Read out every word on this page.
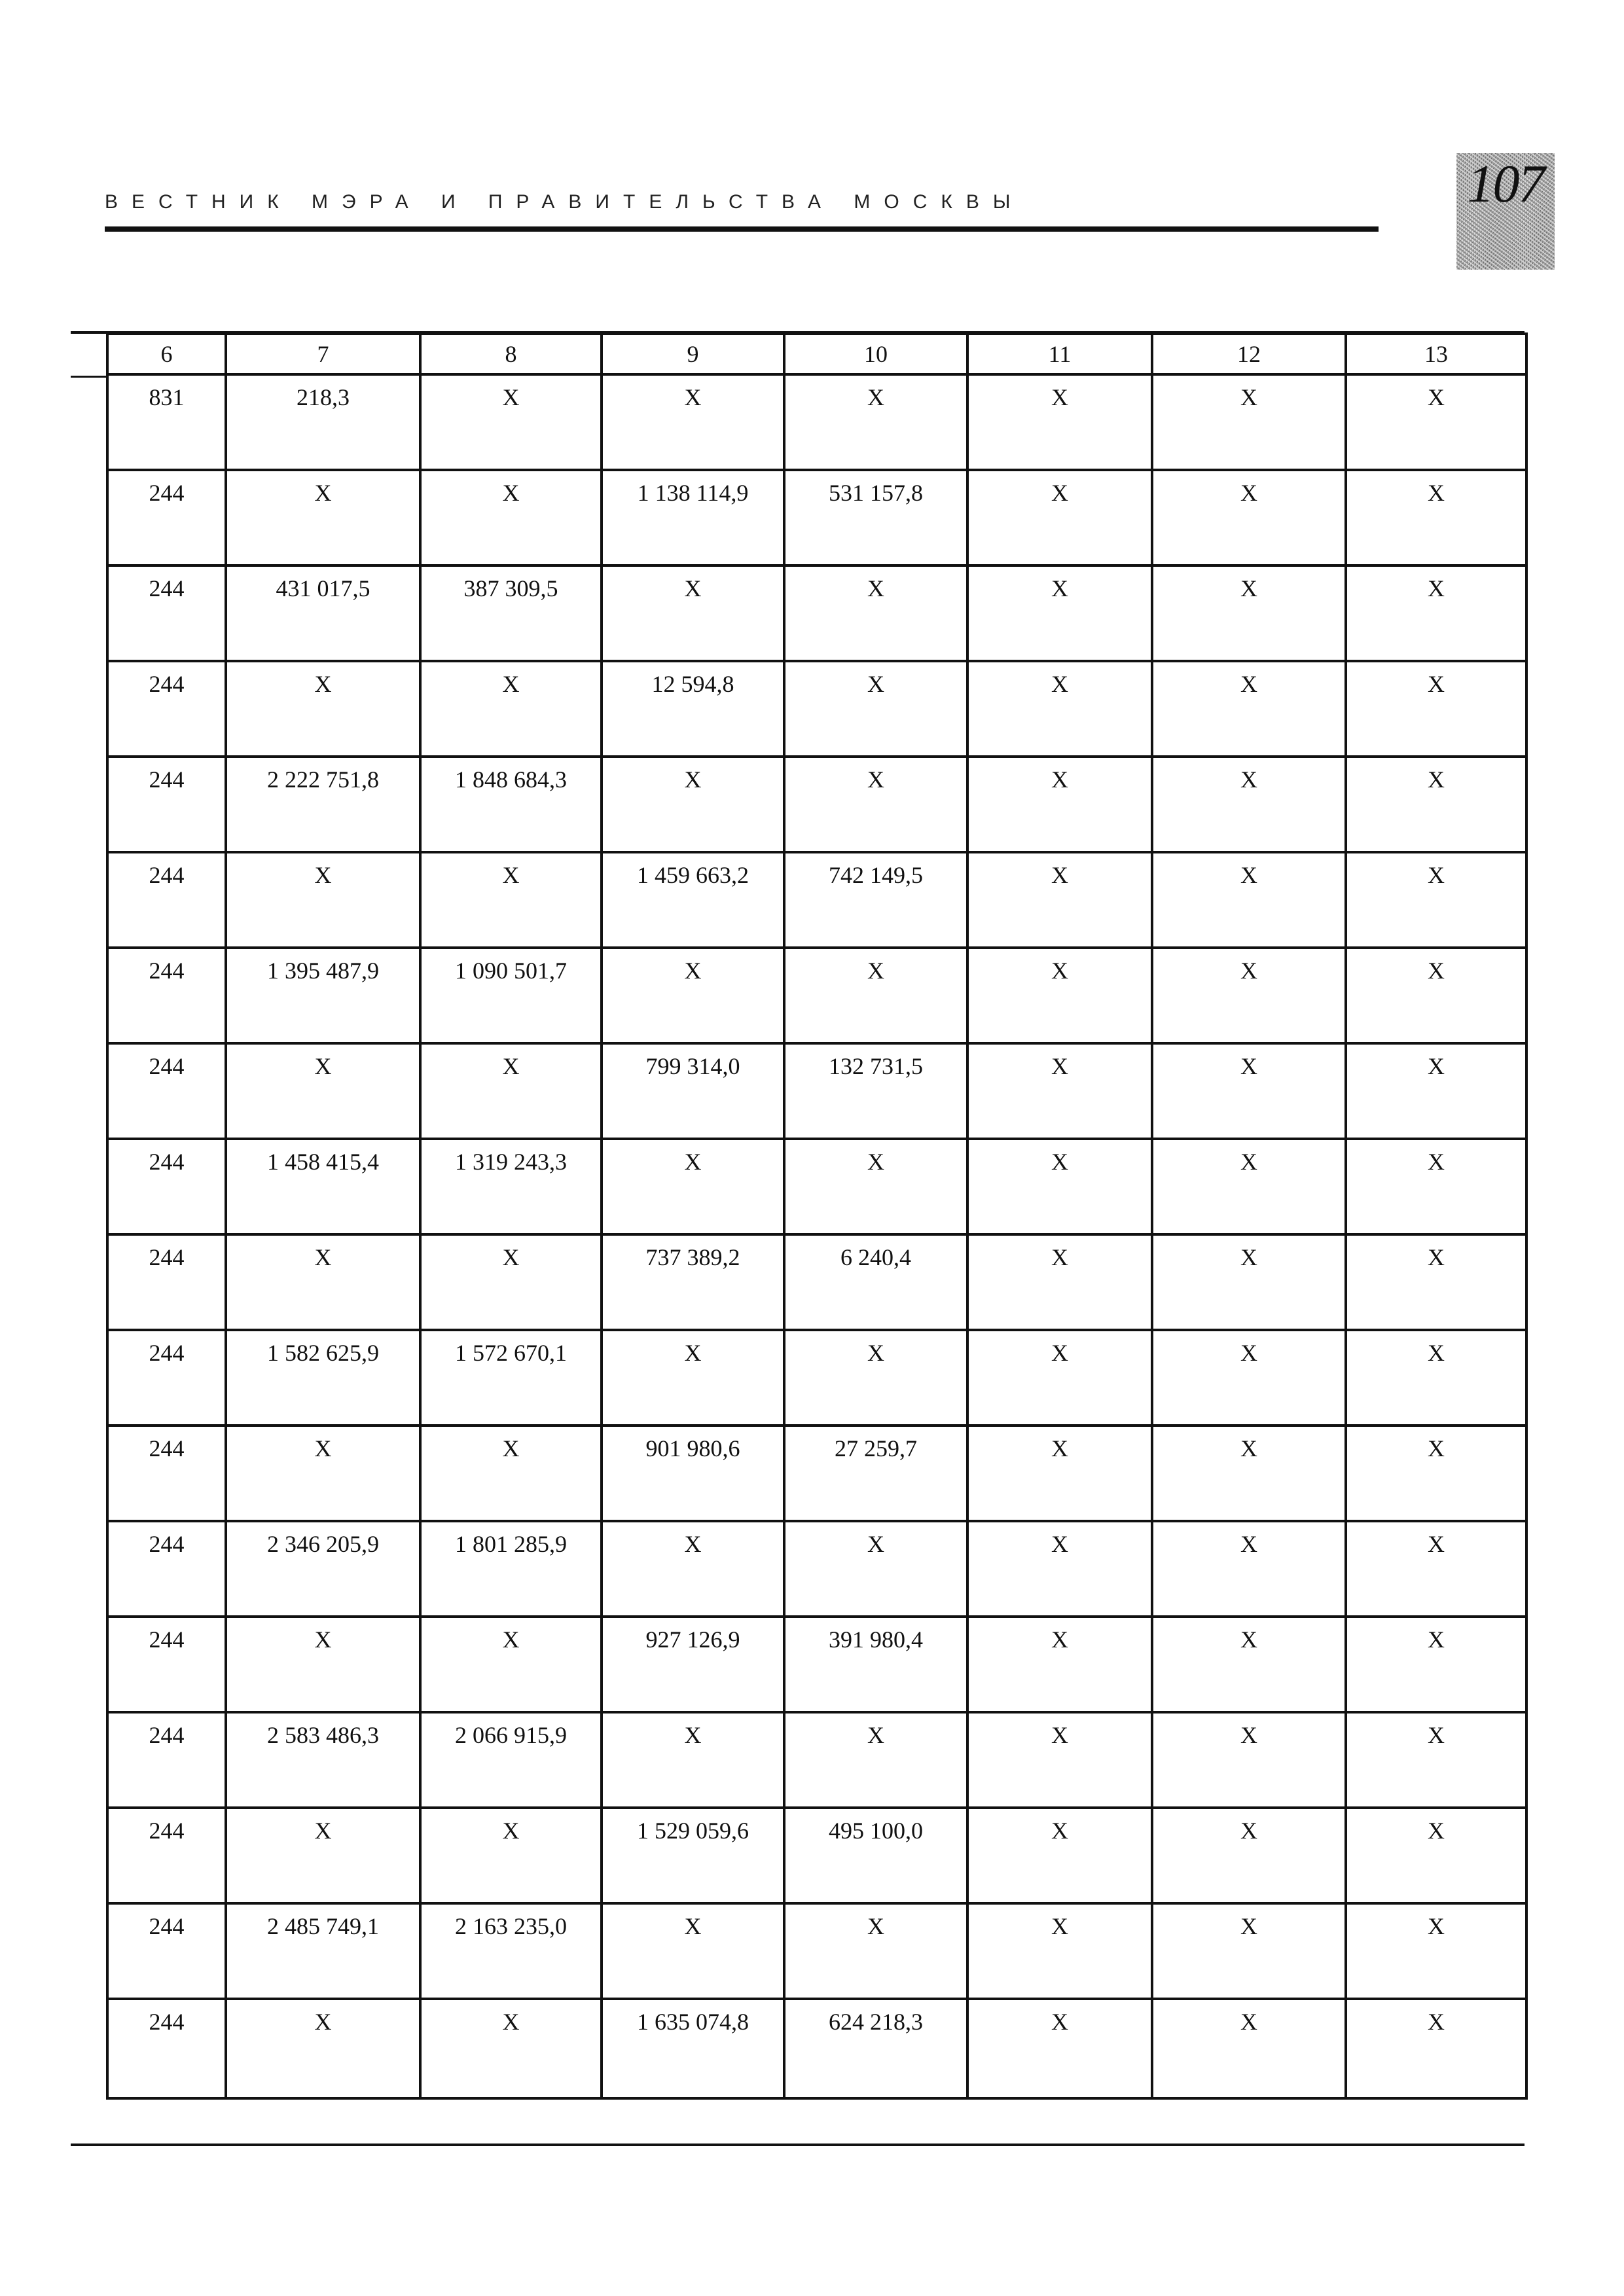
ВЕСТНИК МЭРА И ПРАВИТЕЛЬСТВА МОСКВЫ	107
6	7	8	9	10	11	12	13
831	218,3	Х	Х	Х	Х	Х	Х
244	Х	Х	1 138 114,9	531 157,8	Х	Х	Х
244	431 017,5	387 309,5	Х	Х	Х	Х	Х
244	Х	Х	12 594,8	Х	Х	Х	Х
244	2 222 751,8	1 848 684,3	Х	Х	Х	Х	Х
244	Х	Х	1 459 663,2	742 149,5	Х	Х	Х
244	1 395 487,9	1 090 501,7	Х	Х	Х	Х	Х
244	Х	Х	799 314,0	132 731,5	Х	Х	Х
244	1 458 415,4	1 319 243,3	Х	Х	Х	Х	Х
244	Х	Х	737 389,2	6 240,4	Х	Х	Х
244	1 582 625,9	1 572 670,1	Х	Х	Х	Х	Х
244	Х	Х	901 980,6	27 259,7	Х	Х	Х
244	2 346 205,9	1 801 285,9	Х	Х	Х	Х	Х
244	Х	Х	927 126,9	391 980,4	Х	Х	Х
244	2 583 486,3	2 066 915,9	Х	Х	Х	Х	Х
244	Х	Х	1 529 059,6	495 100,0	Х	Х	Х
244	2 485 749,1	2 163 235,0	Х	Х	Х	Х	Х
244	Х	Х	1 635 074,8	624 218,3	Х	Х	Х
